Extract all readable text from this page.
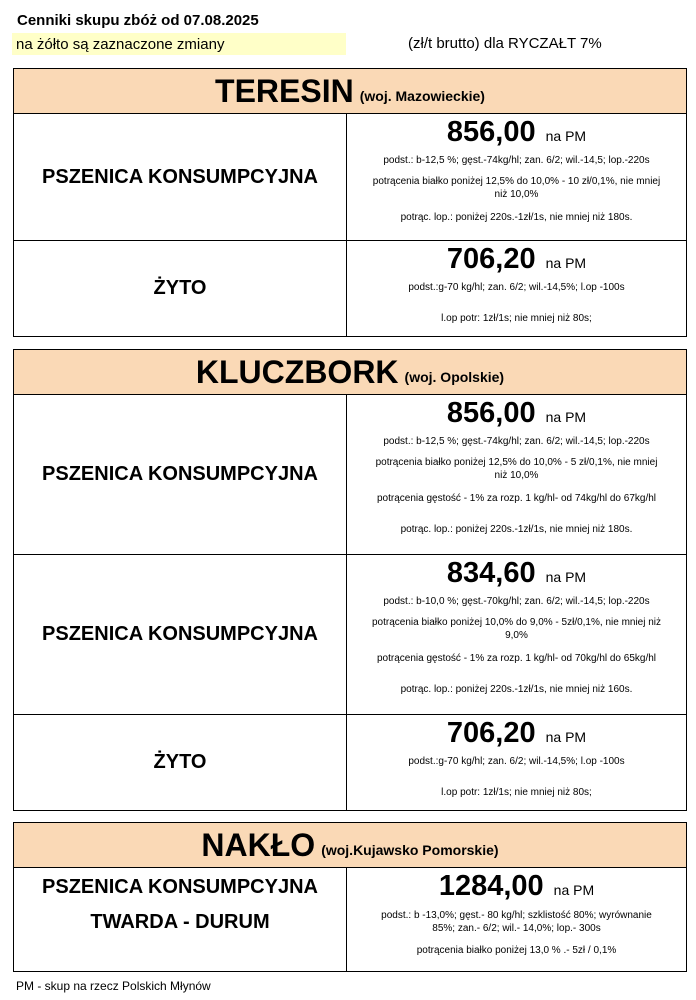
Cenniki skupu zbóż od 07.08.2025
na żółto są zaznaczone zmiany	(zł/t brutto) dla RYCZAŁT 7%
TERESIN (woj. Mazowieckie)
PSZENICA KONSUMPCYJNA
856,00 na PM
podst.: b-12,5 %; gęst.-74kg/hl; zan. 6/2; wil.-14,5; lop.-220s
potrącenia białko poniżej 12,5% do 10,0% - 10 zł/0,1%, nie mniej niż 10,0%
potrąc. lop.: poniżej 220s.-1zł/1s, nie mniej niż 180s.
ŻYTO
706,20 na PM
podst.:g-70 kg/hl; zan. 6/2; wil.-14,5%; l.op -100s
l.op potr: 1zł/1s; nie mniej niż 80s;
KLUCZBORK (woj. Opolskie)
PSZENICA KONSUMPCYJNA
856,00 na PM
podst.: b-12,5 %; gęst.-74kg/hl; zan. 6/2; wil.-14,5; lop.-220s
potrącenia białko poniżej 12,5% do 10,0% - 5 zł/0,1%, nie mniej niż 10,0%
potrącenia gęstość - 1% za rozp. 1 kg/hl- od 74kg/hl do 67kg/hl
potrąc. lop.: poniżej 220s.-1zł/1s, nie mniej niż 180s.
PSZENICA KONSUMPCYJNA
834,60 na PM
podst.: b-10,0 %; gęst.-70kg/hl; zan. 6/2; wil.-14,5; lop.-220s
potrącenia białko poniżej 10,0% do 9,0% - 5zł/0,1%, nie mniej niż 9,0%
potrącenia gęstość - 1% za rozp. 1 kg/hl- od 70kg/hl do 65kg/hl
potrąc. lop.: poniżej 220s.-1zł/1s, nie mniej niż 160s.
ŻYTO
706,20 na PM
podst.:g-70 kg/hl; zan. 6/2; wil.-14,5%; l.op -100s
l.op potr: 1zł/1s; nie mniej niż 80s;
NAKŁO (woj.Kujawsko Pomorskie)
PSZENICA KONSUMPCYJNA
TWARDA - DURUM
1284,00 na PM
podst.: b -13,0%; gęst.- 80 kg/hl; szklistość 80%; wyrównanie 85%; zan.- 6/2; wil.- 14,0%; lop.- 300s
potrącenia białko poniżej 13,0 % .- 5zł / 0,1%
PM - skup na rzecz Polskich Młynów
